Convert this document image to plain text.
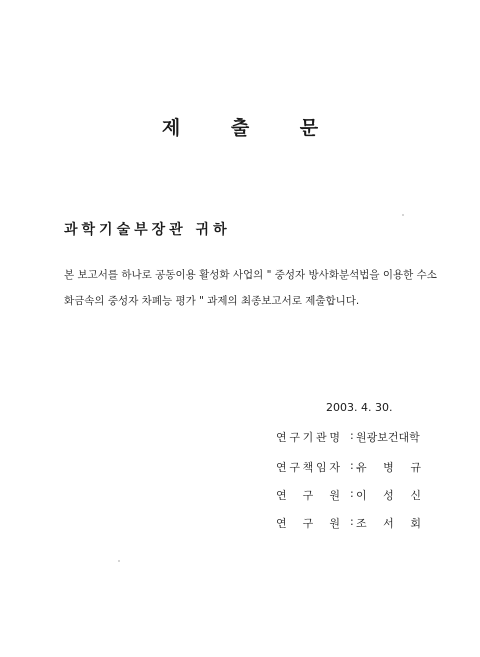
제 출 문
과학기술부장관 귀하
본 보고서를 하나로 공동이용 활성화 사업의 " 중성자 방사화분석법을 이용한 수소
화금속의 중성자 차폐능 평가 " 과제의 최종보고서로 제출합니다.
2003. 4. 30.
연 구 기 관 명 : 원광보건대학
연 구 책 임 자 : 유 병 규
연 구 원 : 이 성 신
연 구 원 : 조 서 회
